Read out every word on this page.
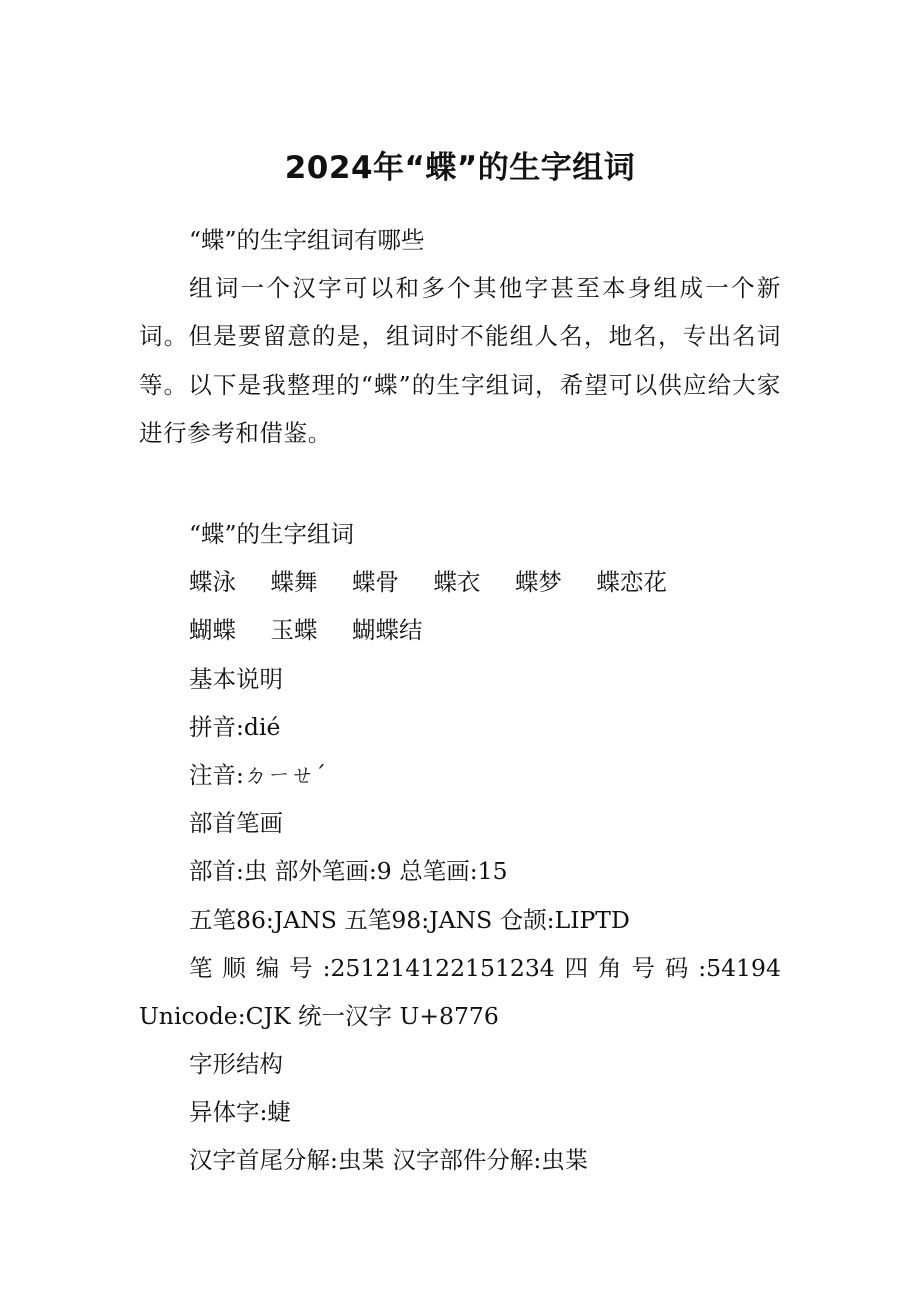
2024年“蝶”的生字组词
“蝶”的生字组词有哪些
组词一个汉字可以和多个其他字甚至本身组成一个新词。但是要留意的是，组词时不能组人名，地名，专出名词等。以下是我整理的“蝶”的生字组词，希望可以供应给大家进行参考和借鉴。
“蝶”的生字组词
蝶泳 蝶舞 蝶骨 蝶衣 蝶梦 蝶恋花
蝴蝶 玉蝶 蝴蝶结
基本说明
拼音:dié
注音:ㄉㄧㄝˊ
部首笔画
部首:虫 部外笔画:9 总笔画:15
五笔86:JANS 五笔98:JANS 仓颉:LIPTD
笔 顺 编 号 :251214122151234 四 角 号 码 :54194
Unicode:CJK 统一汉字 U+8776
字形结构
异体字:蜨
汉字首尾分解:虫枼 汉字部件分解:虫枼
